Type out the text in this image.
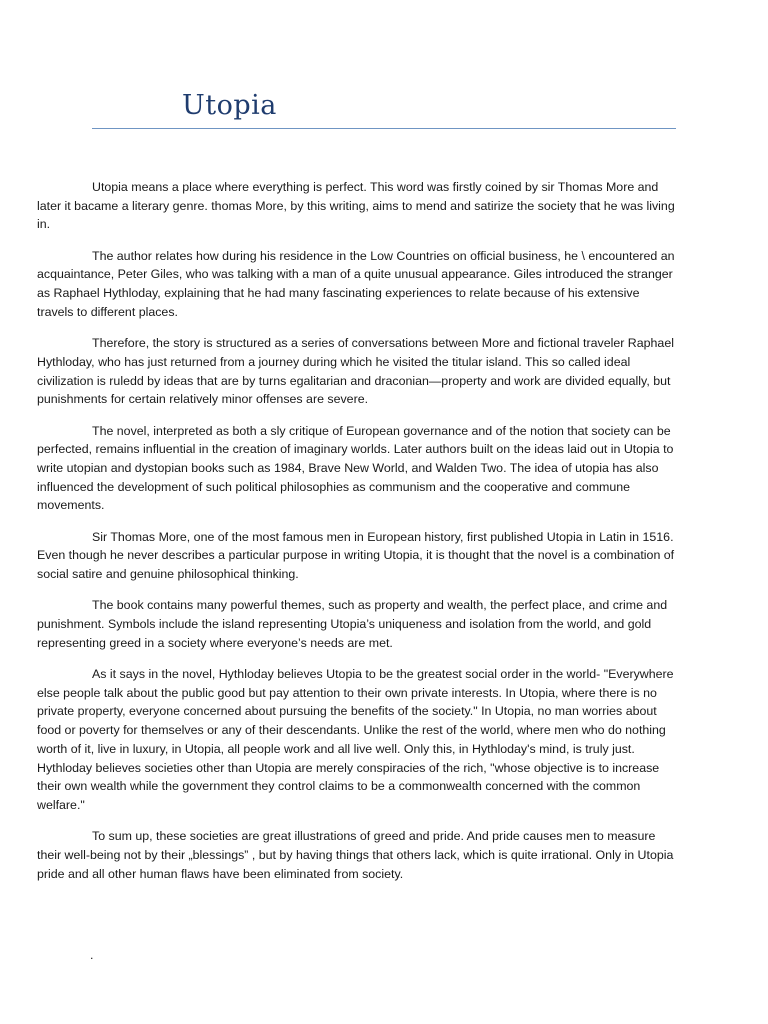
Utopia

Utopia means a place where everything is perfect. This word was firstly coined by sir Thomas More and later it bacame a literary genre. thomas More, by this writing, aims to mend and satirize the society that he was living in.

The author relates how during his residence in the Low Countries on official business, he \ encountered an acquaintance, Peter Giles, who was talking with a man of a quite unusual appearance. Giles introduced the stranger as Raphael Hythloday, explaining that he had many fascinating experiences to relate because of his extensive travels to different places.

Therefore, the story is structured as a series of conversations between More and fictional traveler Raphael Hythloday, who has just returned from a journey during which he visited the titular island. This so called ideal civilization is ruledd by ideas that are by turns egalitarian and draconian—property and work are divided equally, but punishments for certain relatively minor offenses are severe.

The novel, interpreted as both a sly critique of European governance and of the notion that society can be perfected, remains influential in the creation of imaginary worlds. Later authors built on the ideas laid out in Utopia to write utopian and dystopian books such as 1984, Brave New World, and Walden Two. The idea of utopia has also influenced the development of such political philosophies as communism and the cooperative and commune movements.

Sir Thomas More, one of the most famous men in European history, first published Utopia in Latin in 1516. Even though he never describes a particular purpose in writing Utopia, it is thought that the novel is a combination of social satire and genuine philosophical thinking.

The book contains many powerful themes, such as property and wealth, the perfect place, and crime and punishment. Symbols include the island representing Utopia’s uniqueness and isolation from the world, and gold representing greed in a society where everyone’s needs are met.

As it says in the novel, Hythloday believes Utopia to be the greatest social order in the world- "Everywhere else people talk about the public good but pay attention to their own private interests. In Utopia, where there is no private property, everyone concerned about pursuing the benefits of the society." In Utopia, no man worries about food or poverty for themselves or any of their descendants. Unlike the rest of the world, where men who do nothing worth of it, live in luxury, in Utopia, all people work and all live well. Only this, in Hythloday's mind, is truly just. Hythloday believes societies other than Utopia are merely conspiracies of the rich, "whose objective is to increase their own wealth while the government they control claims to be a commonwealth concerned with the common welfare."

To sum up, these societies are great illustrations of greed and pride. And pride causes men to measure their well-being not by their „blessings” , but by having things that others lack, which is quite irrational. Only in Utopia pride and all other human flaws have been eliminated from society.

.
